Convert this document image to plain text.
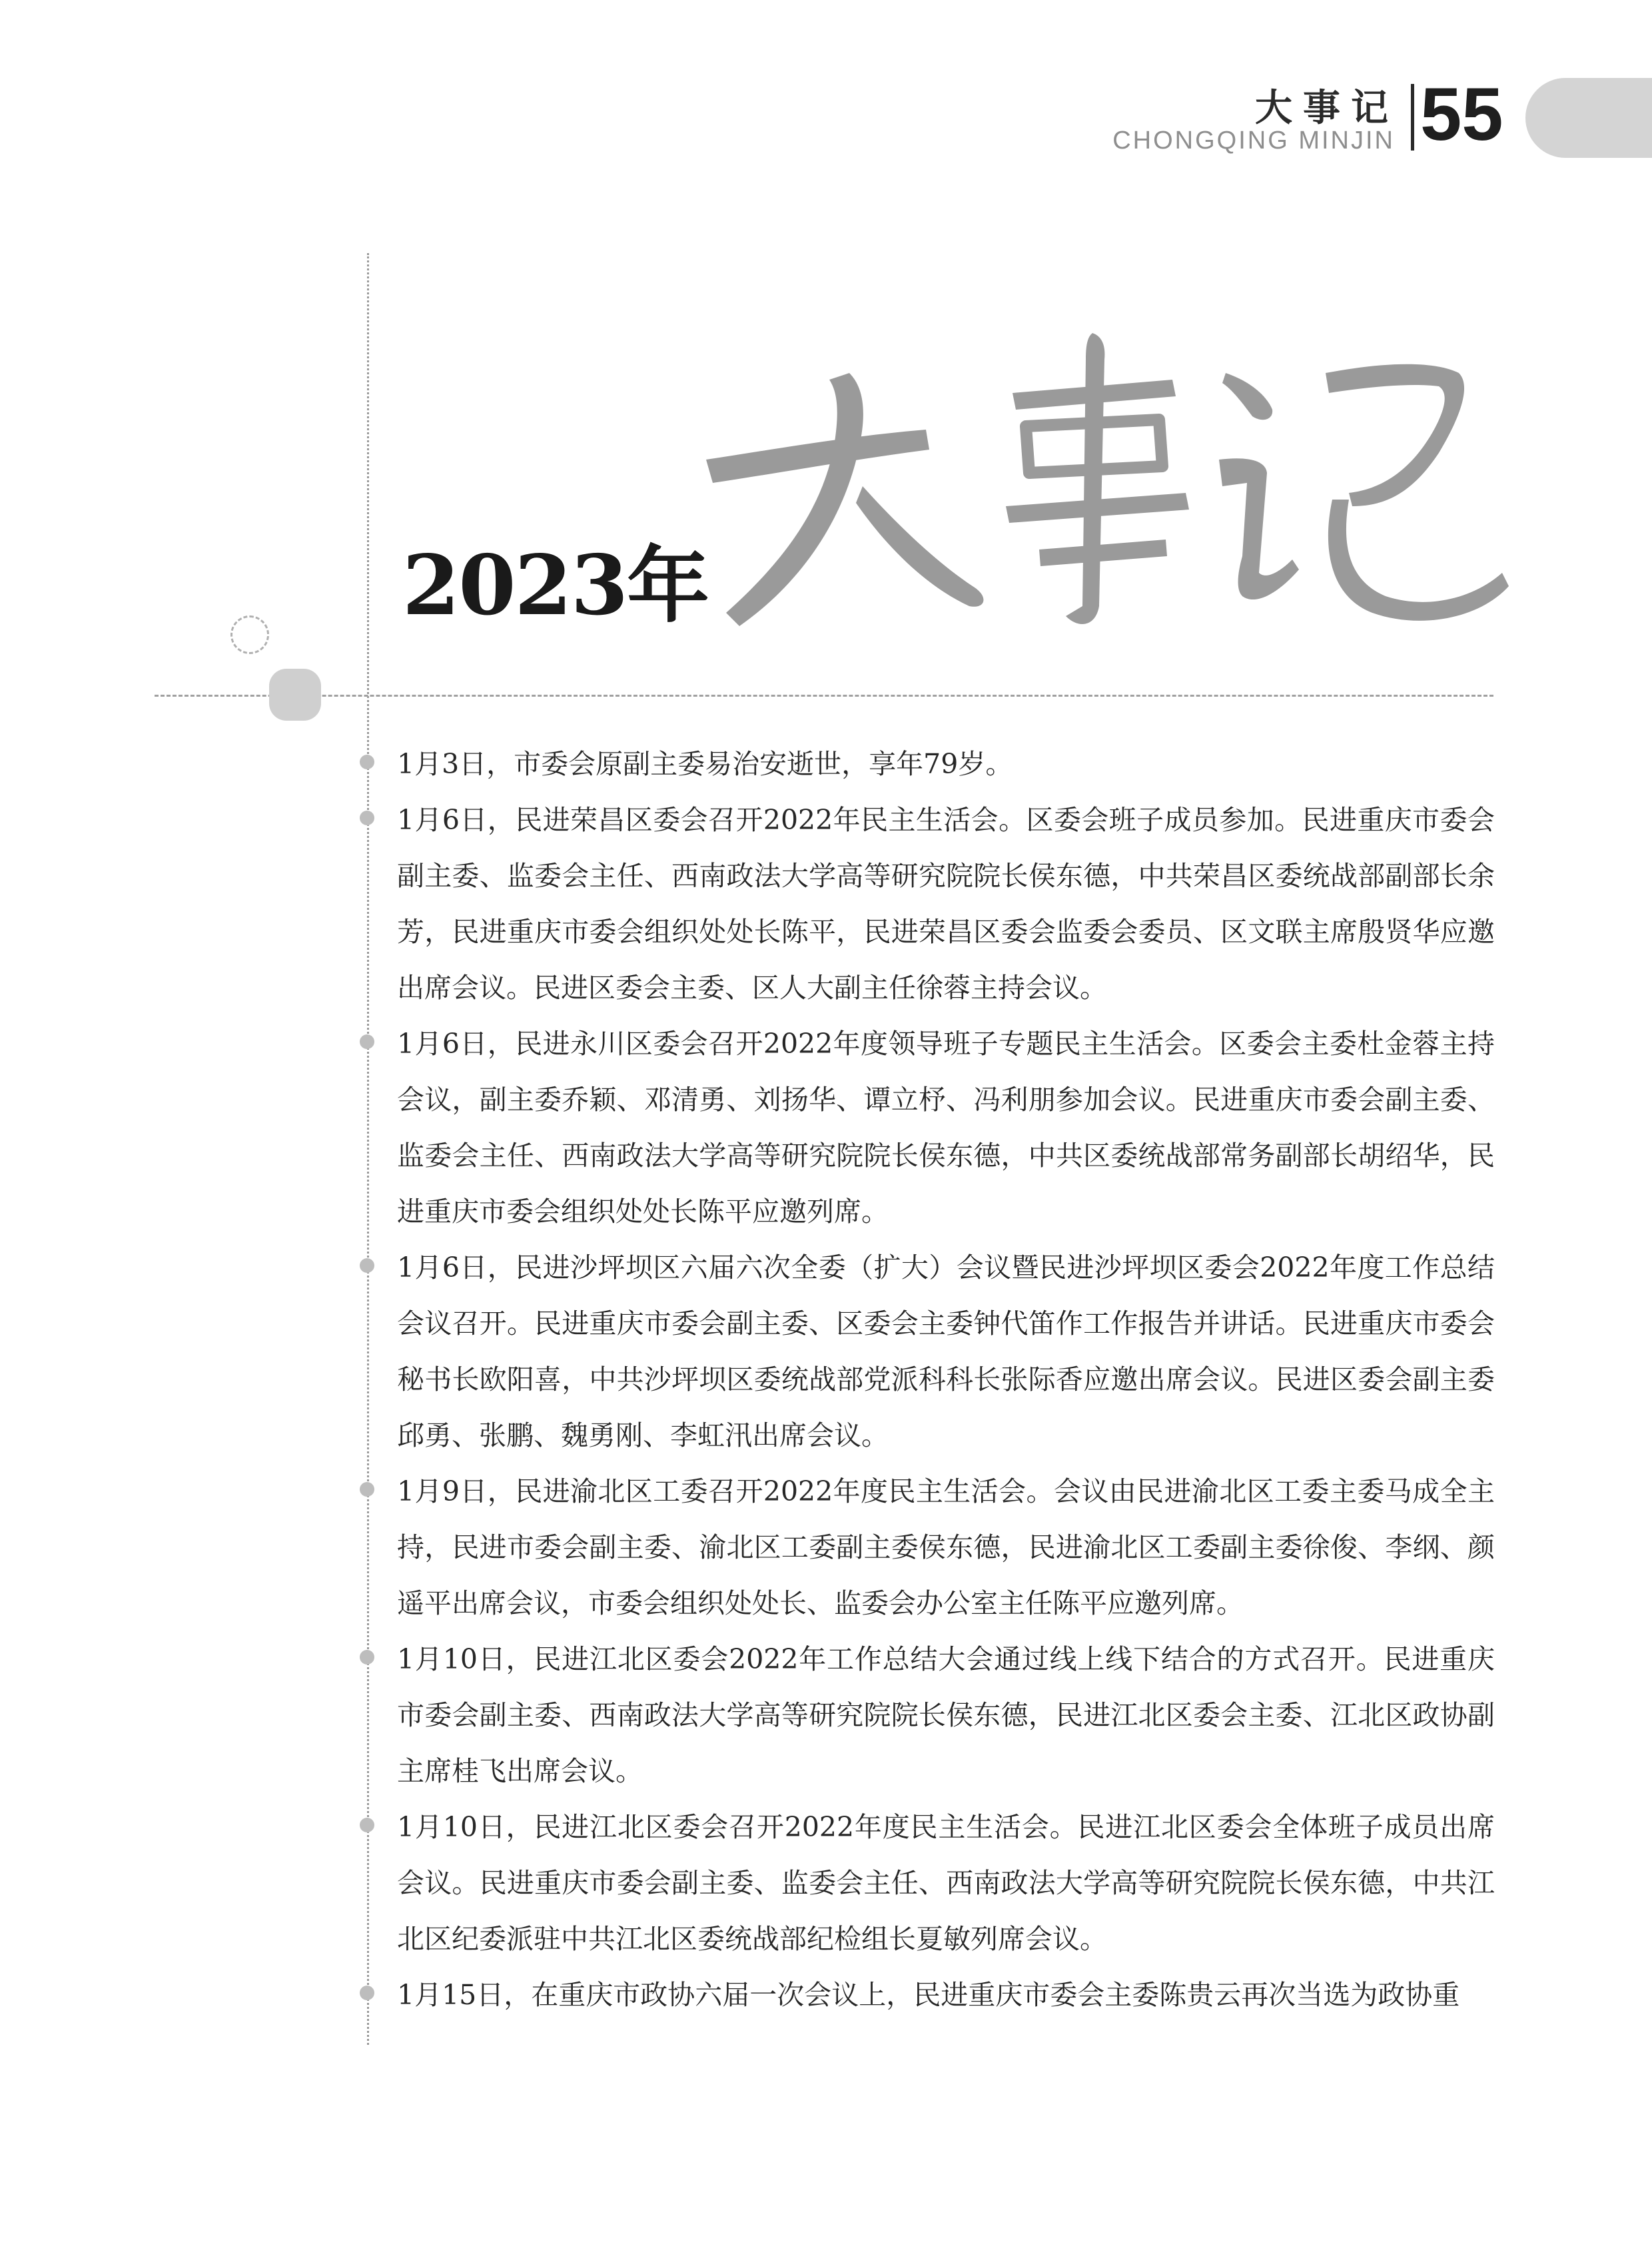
大事记
CHONGQING MINJIN 55
2023年
1月3日，市委会原副主委易治安逝世，享年79岁。
1月6日，民进荣昌区委会召开2022年民主生活会。区委会班子成员参加。民进重庆市委会副主委、监委会主任、西南政法大学高等研究院院长侯东德，中共荣昌区委统战部副部长余芳，民进重庆市委会组织处处长陈平，民进荣昌区委会监委会委员、区文联主席殷贤华应邀出席会议。民进区委会主委、区人大副主任徐蓉主持会议。
1月6日，民进永川区委会召开2022年度领导班子专题民主生活会。区委会主委杜金蓉主持会议，副主委乔颖、邓清勇、刘扬华、谭立杼、冯利朋参加会议。民进重庆市委会副主委、监委会主任、西南政法大学高等研究院院长侯东德，中共区委统战部常务副部长胡绍华，民进重庆市委会组织处处长陈平应邀列席。
1月6日，民进沙坪坝区六届六次全委（扩大）会议暨民进沙坪坝区委会2022年度工作总结会议召开。民进重庆市委会副主委、区委会主委钟代笛作工作报告并讲话。民进重庆市委会秘书长欧阳喜，中共沙坪坝区委统战部党派科科长张际香应邀出席会议。民进区委会副主委邱勇、张鹏、魏勇刚、李虹汛出席会议。
1月9日，民进渝北区工委召开2022年度民主生活会。会议由民进渝北区工委主委马成全主持，民进市委会副主委、渝北区工委副主委侯东德，民进渝北区工委副主委徐俊、李纲、颜遥平出席会议，市委会组织处处长、监委会办公室主任陈平应邀列席。
1月10日，民进江北区委会2022年工作总结大会通过线上线下结合的方式召开。民进重庆市委会副主委、西南政法大学高等研究院院长侯东德，民进江北区委会主委、江北区政协副主席桂飞出席会议。
1月10日，民进江北区委会召开2022年度民主生活会。民进江北区委会全体班子成员出席会议。民进重庆市委会副主委、监委会主任、西南政法大学高等研究院院长侯东德，中共江北区纪委派驻中共江北区委统战部纪检组长夏敏列席会议。
1月15日，在重庆市政协六届一次会议上，民进重庆市委会主委陈贵云再次当选为政协重
